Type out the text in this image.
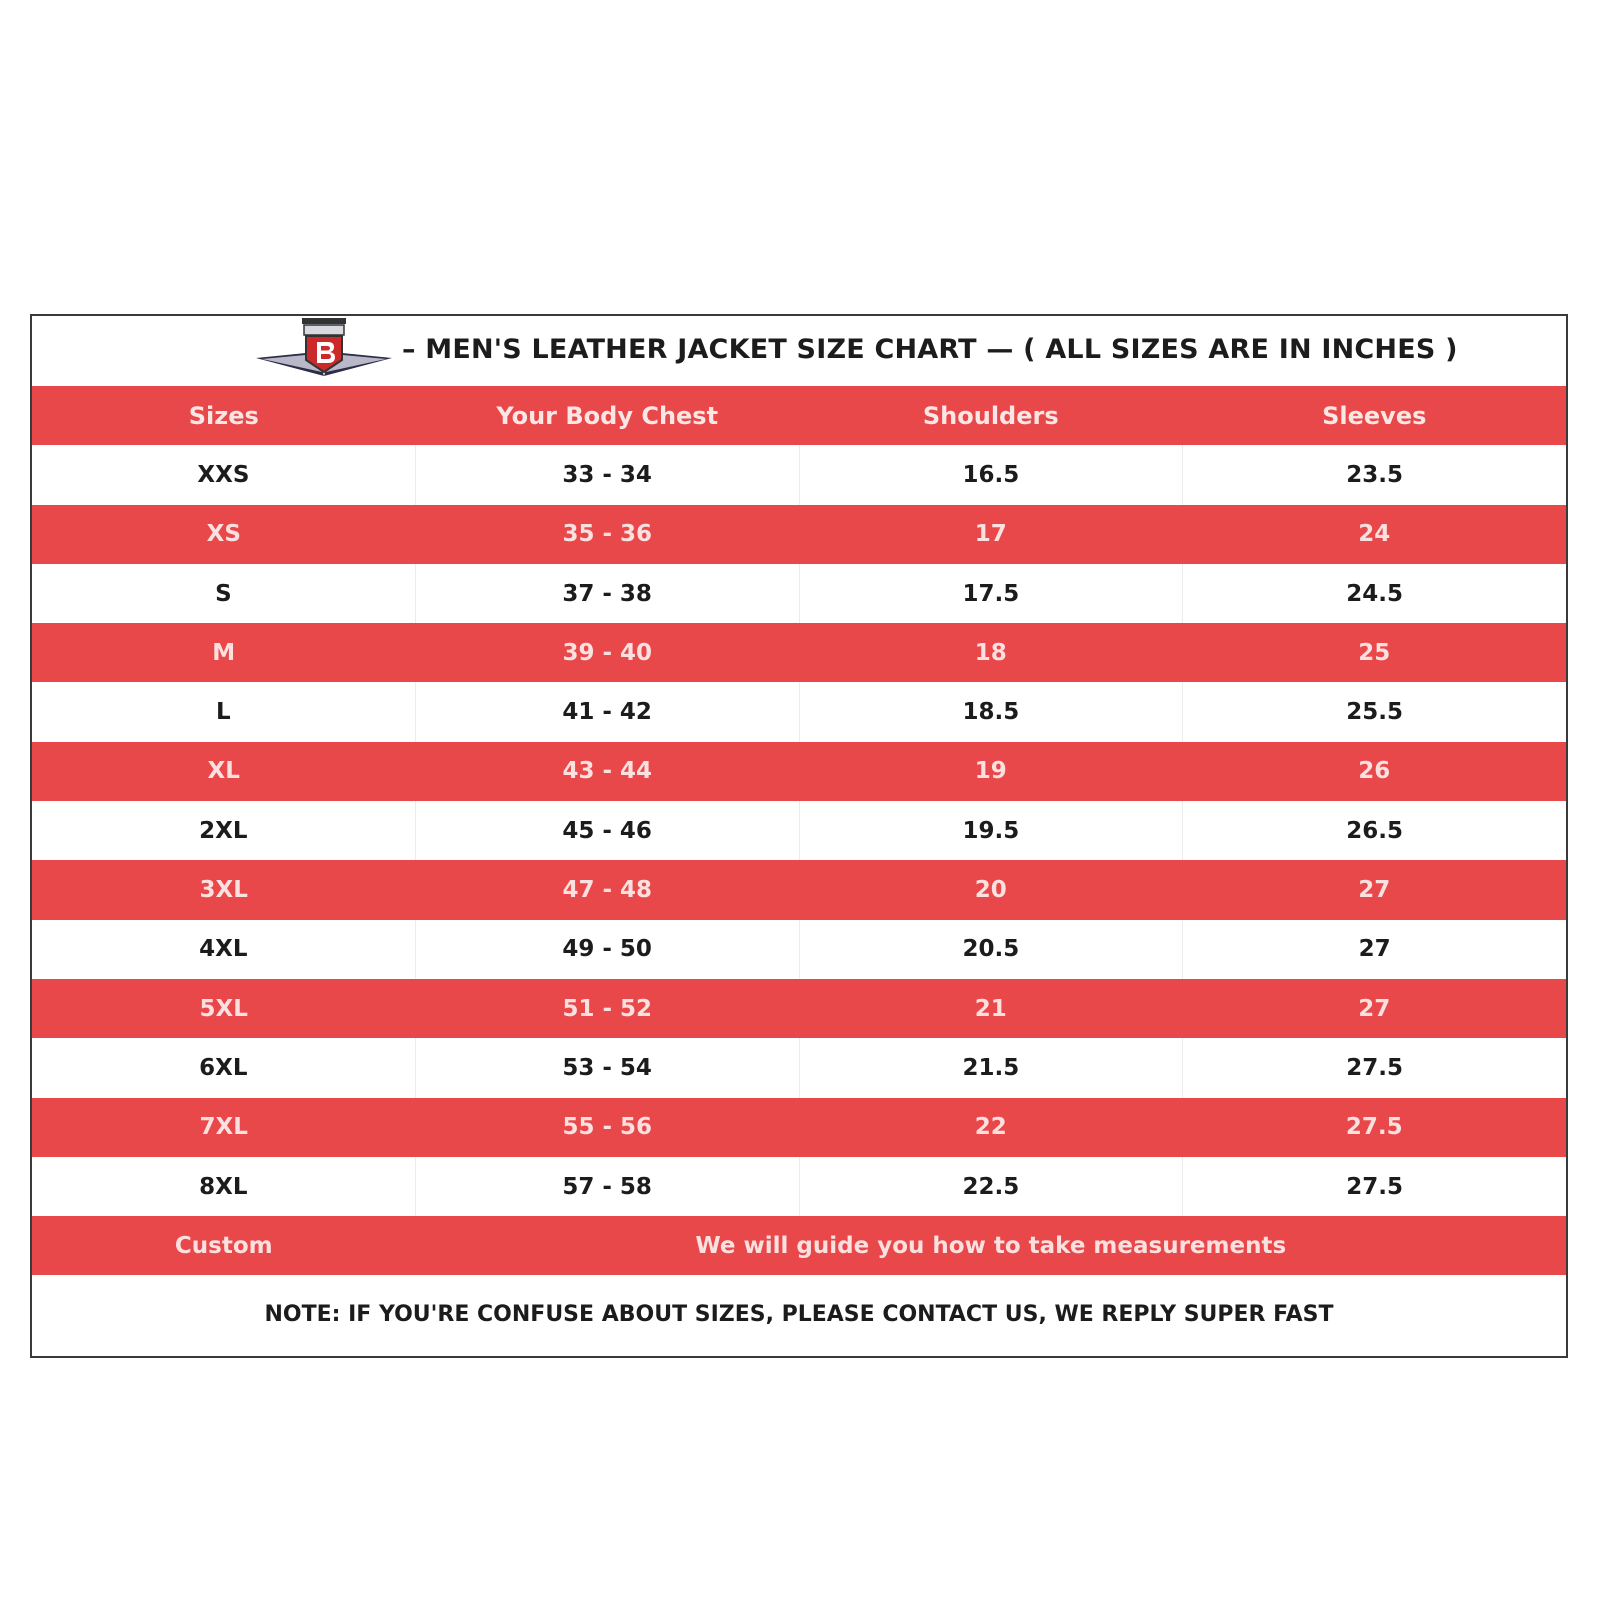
– MEN'S LEATHER JACKET SIZE CHART — ( ALL SIZES ARE IN INCHES )
Sizes	Your Body Chest	Shoulders	Sleeves
XXS	33 - 34	16.5	23.5
XS	35 - 36	17	24
S	37 - 38	17.5	24.5
M	39 - 40	18	25
L	41 - 42	18.5	25.5
XL	43 - 44	19	26
2XL	45 - 46	19.5	26.5
3XL	47 - 48	20	27
4XL	49 - 50	20.5	27
5XL	51 - 52	21	27
6XL	53 - 54	21.5	27.5
7XL	55 - 56	22	27.5
8XL	57 - 58	22.5	27.5
Custom	We will guide you how to take measurements
NOTE: IF YOU'RE CONFUSE ABOUT SIZES, PLEASE CONTACT US, WE REPLY SUPER FAST
